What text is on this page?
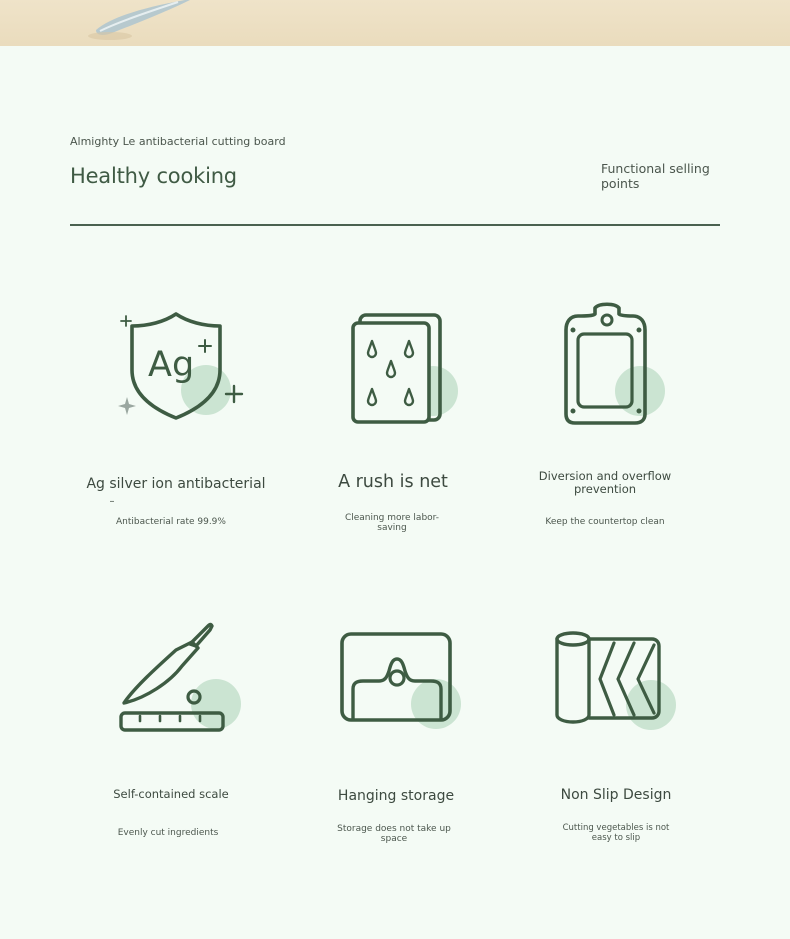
Almighty Le antibacterial cutting board
Healthy cooking	Functional selling points
Ag
Ag silver ion antibacterial
–
Antibacterial rate 99.9%
A rush is net
Cleaning more labor-saving
Diversion and overflow prevention
Keep the countertop clean
Self-contained scale
Evenly cut ingredients
Hanging storage
Storage does not take up space
Non Slip Design
Cutting vegetables is not easy to slip
